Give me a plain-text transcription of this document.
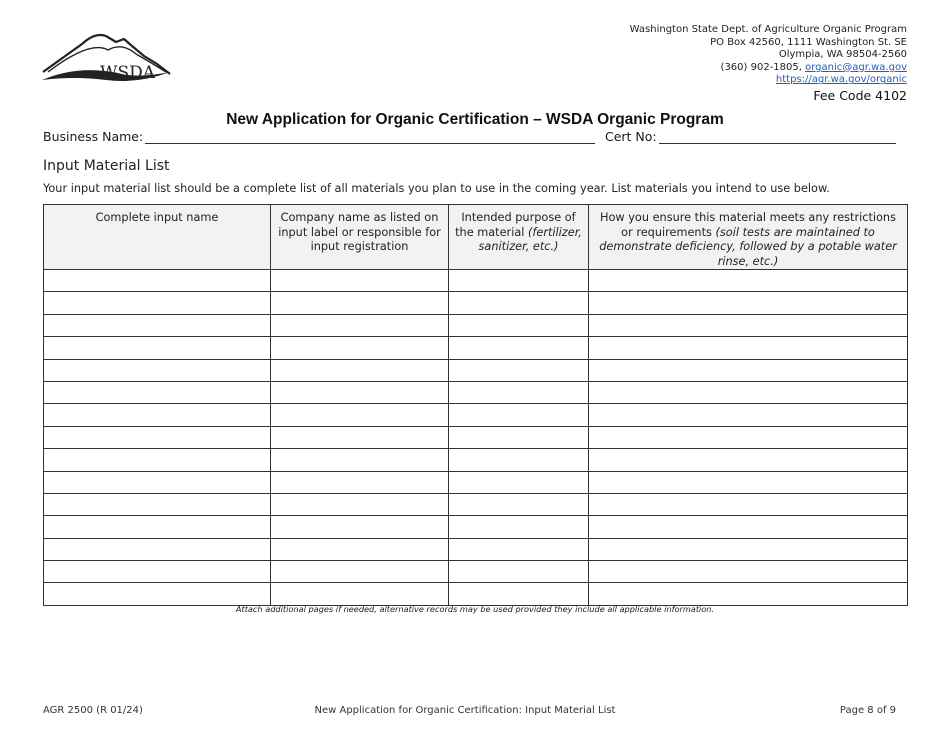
WSDA
Washington State Dept. of Agriculture Organic Program
PO Box 42560, 1111 Washington St. SE
Olympia, WA 98504-2560
(360) 902-1805, organic@agr.wa.gov
https://agr.wa.gov/organic
Fee Code 4102
New Application for Organic Certification – WSDA Organic Program
Business Name:	Cert No:
Input Material List
Your input material list should be a complete list of all materials you plan to use in the coming year. List materials you intend to use below.
Complete input name	Company name as listed on input label or responsible for input registration	Intended purpose of the material (fertilizer, sanitizer, etc.)	How you ensure this material meets any restrictions or requirements (soil tests are maintained to demonstrate deficiency, followed by a potable water rinse, etc.)

Attach additional pages if needed, alternative records may be used provided they include all applicable information.
AGR 2500 (R 01/24)	New Application for Organic Certification: Input Material List	Page 8 of 9
